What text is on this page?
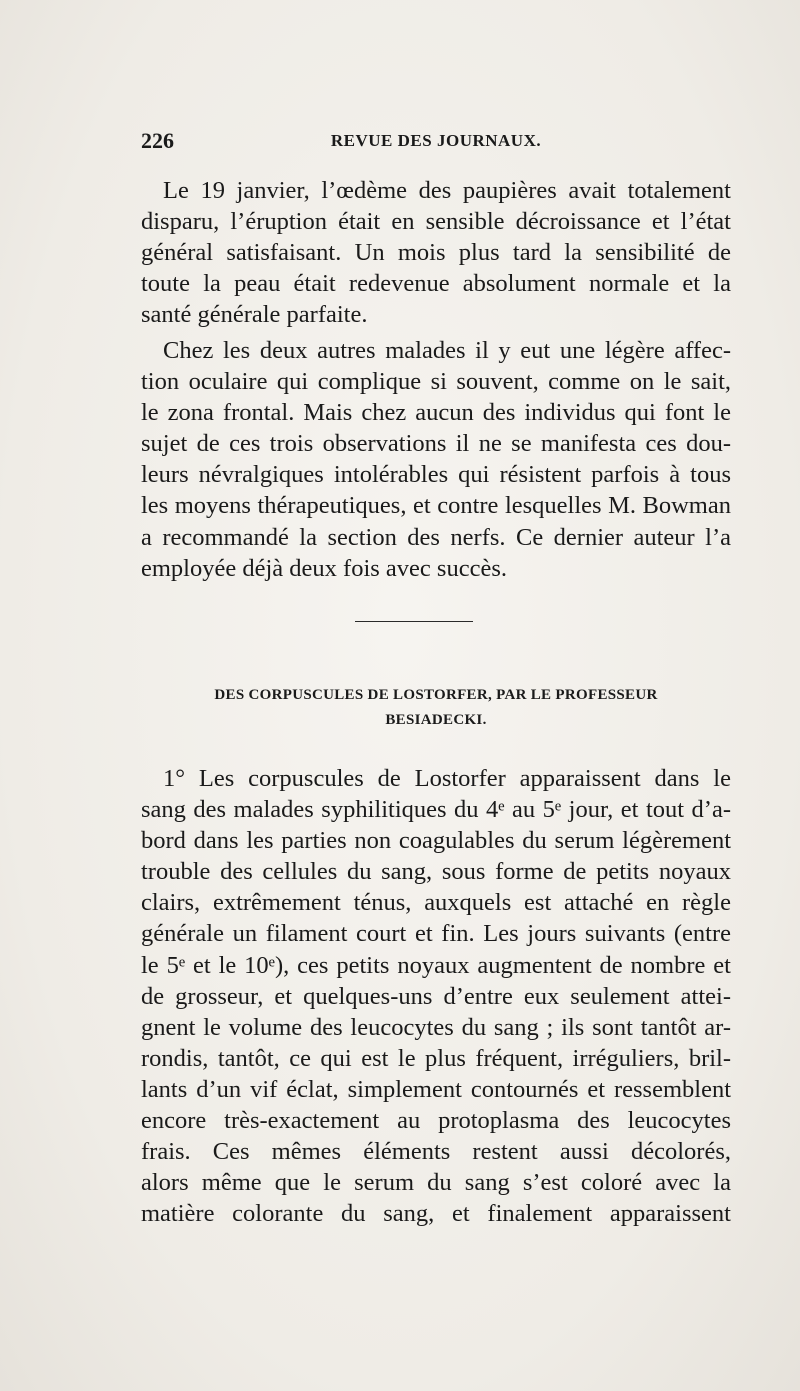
226	REVUE DES JOURNAUX.
Le 19 janvier, l’œdème des paupières avait totalement
disparu, l’éruption était en sensible décroissance et l’état
général satisfaisant. Un mois plus tard la sensibilité de
toute la peau était redevenue absolument normale et la
santé générale parfaite.
Chez les deux autres malades il y eut une légère affec-
tion oculaire qui complique si souvent, comme on le sait,
le zona frontal. Mais chez aucun des individus qui font le
sujet de ces trois observations il ne se manifesta ces dou-
leurs névralgiques intolérables qui résistent parfois à tous
les moyens thérapeutiques, et contre lesquelles M. Bowman
a recommandé la section des nerfs. Ce dernier auteur l’a
employée déjà deux fois avec succès.
DES CORPUSCULES DE LOSTORFER, PAR LE PROFESSEUR
BESIADECKI.
1° Les corpuscules de Lostorfer apparaissent dans le
sang des malades syphilitiques du 4ᵉ au 5ᵉ jour, et tout d’a-
bord dans les parties non coagulables du serum légèrement
trouble des cellules du sang, sous forme de petits noyaux
clairs, extrêmement ténus, auxquels est attaché en règle
générale un filament court et fin. Les jours suivants (entre
le 5ᵉ et le 10ᵉ), ces petits noyaux augmentent de nombre et
de grosseur, et quelques-uns d’entre eux seulement attei-
gnent le volume des leucocytes du sang ; ils sont tantôt ar-
rondis, tantôt, ce qui est le plus fréquent, irréguliers, bril-
lants d’un vif éclat, simplement contournés et ressemblent
encore très-exactement au protoplasma des leucocytes
frais. Ces mêmes éléments restent aussi décolorés,
alors même que le serum du sang s’est coloré avec la
matière colorante du sang, et finalement apparaissent
